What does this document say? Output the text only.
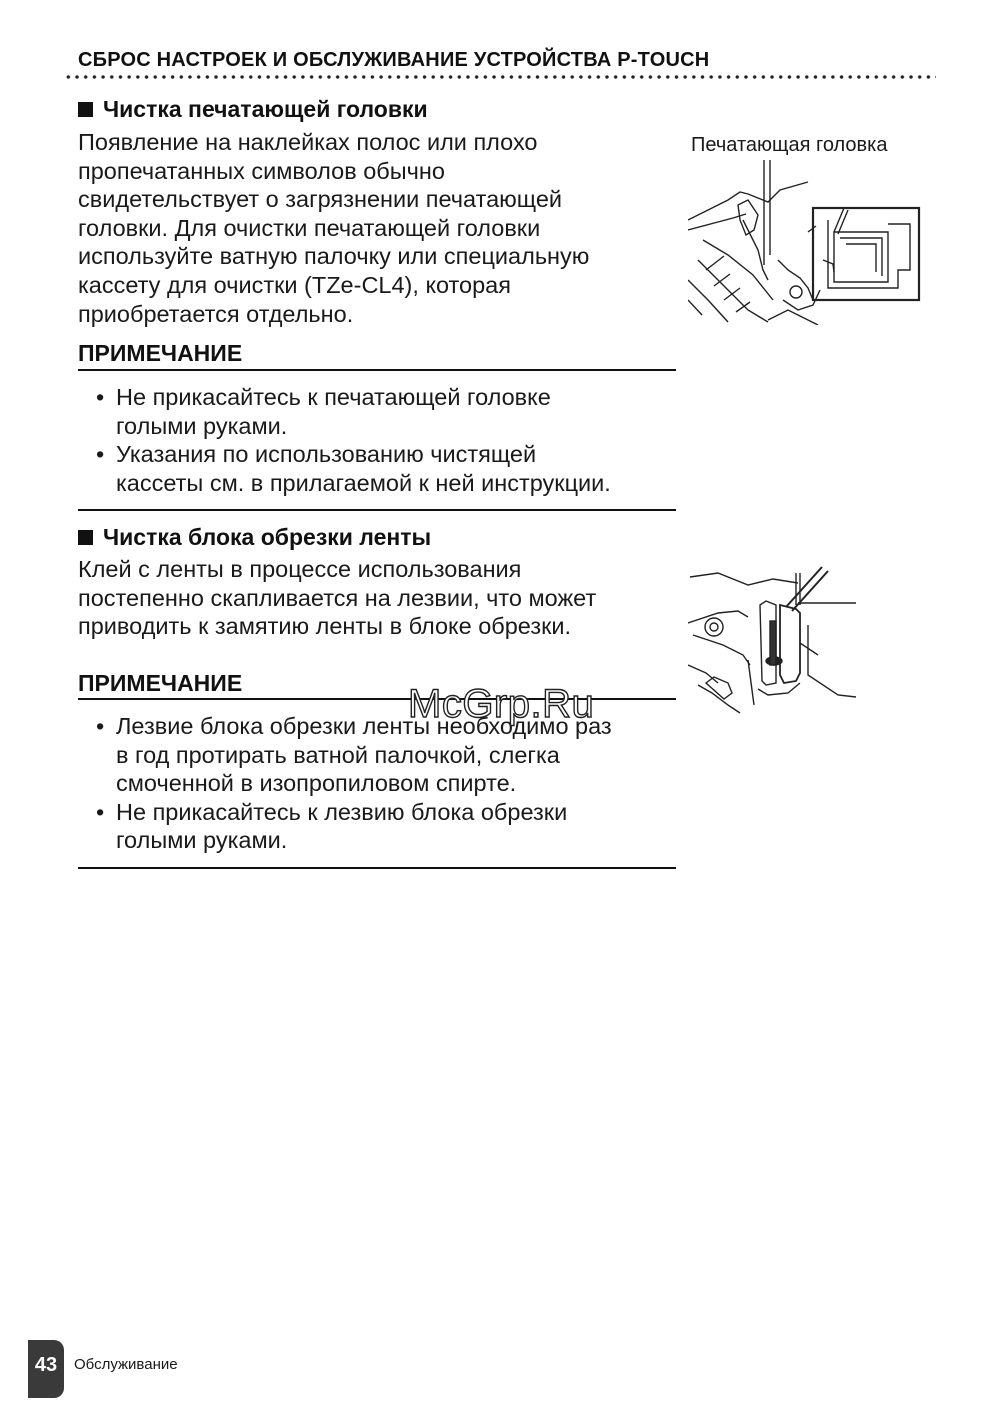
СБРОС НАСТРОЕК И ОБСЛУЖИВАНИЕ УСТРОЙСТВА P-TOUCH
Чистка печатающей головки
Появление на наклейках полос или плохо
пропечатанных символов обычно
свидетельствует о загрязнении печатающей
головки. Для очистки печатающей головки
используйте ватную палочку или специальную
кассету для очистки (TZe-CL4), которая
приобретается отдельно.
Печатающая головка
ПРИМЕЧАНИЕ
• Не прикасайтесь к печатающей головке
голыми руками.
• Указания по использованию чистящей
кассеты см. в прилагаемой к ней инструкции.
Чистка блока обрезки ленты
Клей с ленты в процессе использования
постепенно скапливается на лезвии, что может
приводить к замятию ленты в блоке обрезки.
ПРИМЕЧАНИЕ
• Лезвие блока обрезки ленты необходимо раз
в год протирать ватной палочкой, слегка
смоченной в изопропиловом спирте.
• Не прикасайтесь к лезвию блока обрезки
голыми руками.
McGrp.Ru
43	Обслуживание
